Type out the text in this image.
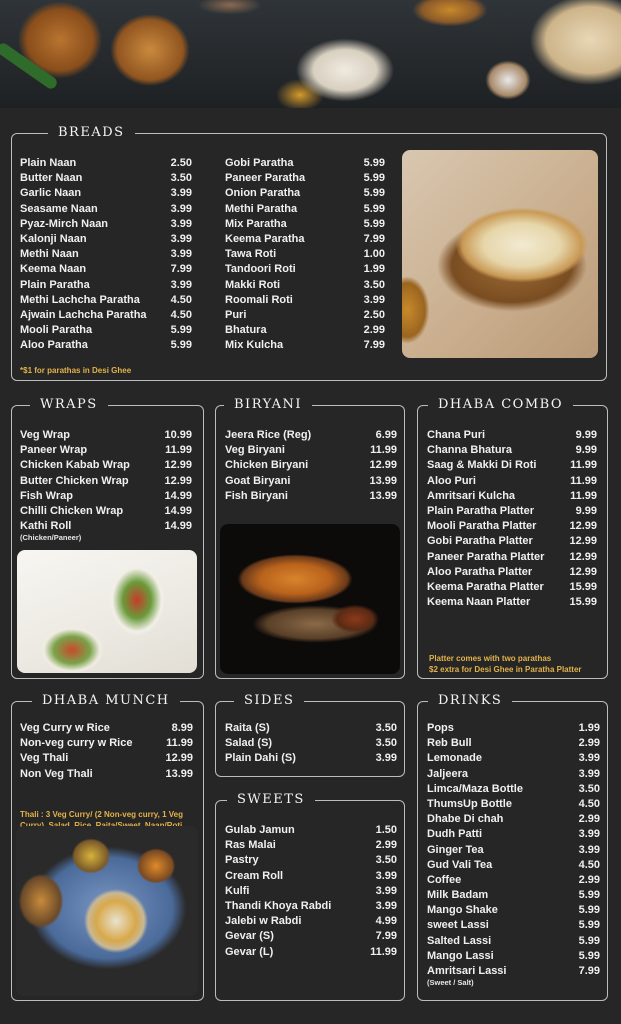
BREADS
Plain Naan	2.50
Butter Naan	3.50
Garlic Naan	3.99
Seasame Naan	3.99
Pyaz-Mirch Naan	3.99
Kalonji Naan	3.99
Methi Naan	3.99
Keema Naan	7.99
Plain Paratha	3.99
Methi Lachcha Paratha	4.50
Ajwain Lachcha Paratha 4.50
Mooli Paratha	5.99
Aloo Paratha	5.99
Gobi Paratha	5.99
Paneer Paratha	5.99
Onion Paratha	5.99
Methi Paratha	5.99
Mix Paratha	5.99
Keema Paratha	7.99
Tawa Roti	1.00
Tandoori Roti	1.99
Makki Roti	3.50
Roomali Roti	3.99
Puri	2.50
Bhatura	2.99
Mix Kulcha	7.99
*$1 for parathas in Desi Ghee
WRAPS
Veg Wrap	10.99
Paneer Wrap	11.99
Chicken Kabab Wrap	12.99
Butter Chicken Wrap	12.99
Fish Wrap	14.99
Chilli Chicken Wrap	14.99
Kathi Roll	14.99
(Chicken/Paneer)
BIRYANI
Jeera Rice (Reg)	6.99
Veg Biryani	11.99
Chicken Biryani	12.99
Goat Biryani	13.99
Fish Biryani	13.99
DHABA COMBO
Chana Puri	9.99
Channa Bhatura	9.99
Saag & Makki Di Roti	11.99
Aloo Puri	11.99
Amritsari Kulcha	11.99
Plain Paratha Platter	9.99
Mooli Paratha Platter	12.99
Gobi Paratha Platter	12.99
Paneer Paratha Platter 12.99
Aloo Paratha Platter	12.99
Keema Paratha Platter 15.99
Keema Naan Platter	15.99
Platter comes with two parathas
$2 extra for Desi Ghee in Paratha Platter
DHABA MUNCH
Veg Curry w Rice	8.99
Non-veg curry w Rice	11.99
Veg Thali	12.99
Non Veg Thali	13.99
Thali : 3 Veg Curry/ (2 Non-veg curry, 1 Veg
SIDES
Raita (S)	3.50
Salad (S)	3.50
Plain Dahi (S)	3.99
SWEETS
Gulab Jamun	1.50
Ras Malai	2.99
Pastry	3.50
Cream Roll	3.99
Kulfi	3.99
Thandi Khoya Rabdi	3.99
Jalebi w Rabdi	4.99
Gevar (S)	7.99
Gevar (L)	11.99
DRINKS
Pops	1.99
Reb Bull	2.99
Lemonade	3.99
Jaljeera	3.99
Limca/Maza Bottle	3.50
ThumsUp Bottle	4.50
Dhabe Di chah	2.99
Dudh Patti	3.99
Ginger Tea	3.99
Gud Vali Tea	4.50
Coffee	2.99
Milk Badam	5.99
Mango Shake	5.99
sweet Lassi	5.99
Salted Lassi	5.99
Mango Lassi	5.99
Amritsari Lassi	7.99
(Sweet / Salt)
